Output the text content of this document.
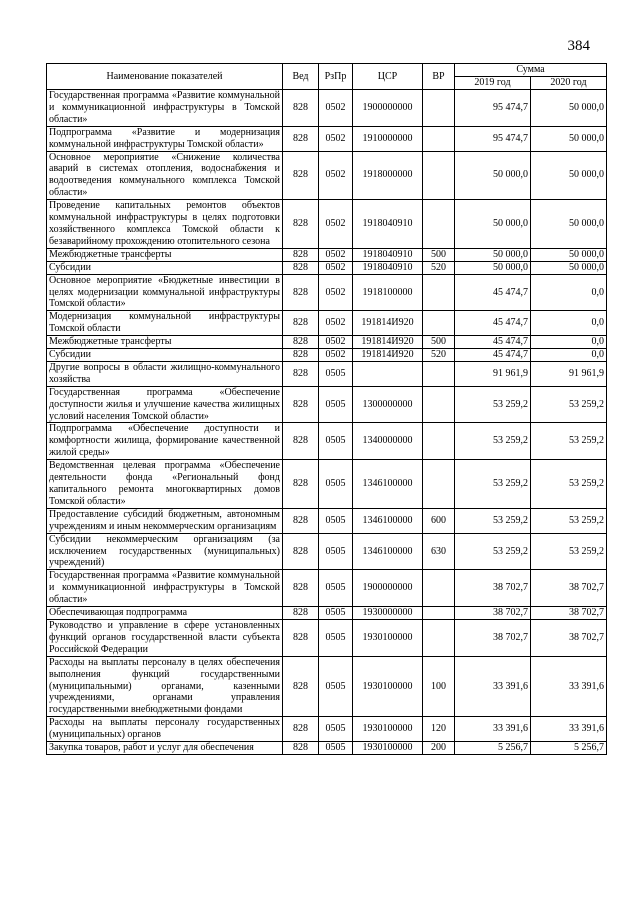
384
Наименование показателей	Вед	РзПр	ЦСР	ВР	Сумма	
					2019 год	2020 год
Государственная программа «Развитие коммунальной и коммуникационной инфраструктуры в Томской области»	828	0502	1900000000		95 474,7	50 000,0
Подпрограмма «Развитие и модернизация коммунальной инфраструктуры Томской области»	828	0502	1910000000		95 474,7	50 000,0
Основное мероприятие «Снижение количества аварий в системах отопления, водоснабжения и водоотведения коммунального комплекса Томской области»	828	0502	1918000000		50 000,0	50 000,0
Проведение капитальных ремонтов объектов коммунальной инфраструктуры в целях подготовки хозяйственного комплекса Томской области к безаварийному прохождению отопительного сезона	828	0502	1918040910		50 000,0	50 000,0
Межбюджетные трансферты	828	0502	1918040910	500	50 000,0	50 000,0
Субсидии	828	0502	1918040910	520	50 000,0	50 000,0
Основное мероприятие «Бюджетные инвестиции в целях модернизации коммунальной инфраструктуры Томской области»	828	0502	1918100000		45 474,7	0,0
Модернизация коммунальной инфраструктуры Томской области	828	0502	191814И920		45 474,7	0,0
Межбюджетные трансферты	828	0502	191814И920	500	45 474,7	0,0
Субсидии	828	0502	191814И920	520	45 474,7	0,0
Другие вопросы в области жилищно-коммунального хозяйства	828	0505			91 961,9	91 961,9
Государственная программа «Обеспечение доступности жилья и улучшение качества жилищных условий населения Томской области»	828	0505	1300000000		53 259,2	53 259,2
Подпрограмма «Обеспечение доступности и комфортности жилища, формирование качественной жилой среды»	828	0505	1340000000		53 259,2	53 259,2
Ведомственная целевая программа «Обеспечение деятельности фонда «Региональный фонд капитального ремонта многоквартирных домов Томской области»	828	0505	1346100000		53 259,2	53 259,2
Предоставление субсидий бюджетным, автономным учреждениям и иным некоммерческим организациям	828	0505	1346100000	600	53 259,2	53 259,2
Субсидии некоммерческим организациям (за исключением государственных (муниципальных) учреждений)	828	0505	1346100000	630	53 259,2	53 259,2
Государственная программа «Развитие коммунальной и коммуникационной инфраструктуры в Томской области»	828	0505	1900000000		38 702,7	38 702,7
Обеспечивающая подпрограмма	828	0505	1930000000		38 702,7	38 702,7
Руководство и управление в сфере установленных функций органов государственной власти субъекта Российской Федерации	828	0505	1930100000		38 702,7	38 702,7
Расходы на выплаты персоналу в целях обеспечения выполнения функций государственными (муниципальными) органами, казенными учреждениями, органами управления государственными внебюджетными фондами	828	0505	1930100000	100	33 391,6	33 391,6
Расходы на выплаты персоналу государственных (муниципальных) органов	828	0505	1930100000	120	33 391,6	33 391,6
Закупка товаров, работ и услуг для обеспечения	828	0505	1930100000	200	5 256,7	5 256,7
